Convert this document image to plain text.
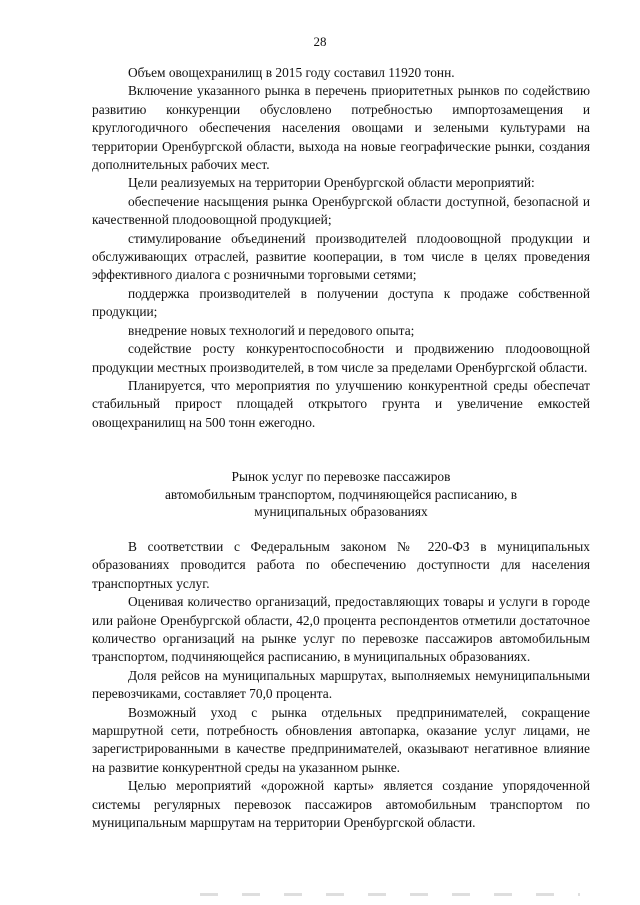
28

Объем овощехранилищ в 2015 году составил 11920 тонн.

Включение указанного рынка в перечень приоритетных рынков по содействию развитию конкуренции обусловлено потребностью импортозамещения и круглогодичного обеспечения населения овощами и зелеными культурами на территории Оренбургской области, выхода на новые географические рынки, создания дополнительных рабочих мест.

Цели реализуемых на территории Оренбургской области мероприятий:

обеспечение насыщения рынка Оренбургской области доступной, безопасной и качественной плодоовощной продукцией;

стимулирование объединений производителей плодоовощной продукции и обслуживающих отраслей, развитие кооперации, в том числе в целях проведения эффективного диалога с розничными торговыми сетями;

поддержка производителей в получении доступа к продаже собственной продукции;

внедрение новых технологий и передового опыта;

содействие росту конкурентоспособности и продвижению плодоовощной продукции местных производителей, в том числе за пределами Оренбургской области.

Планируется, что мероприятия по улучшению конкурентной среды обеспечат стабильный прирост площадей открытого грунта и увеличение емкостей овощехранилищ на 500 тонн ежегодно.

Рынок услуг по перевозке пассажиров
автомобильным транспортом, подчиняющейся расписанию, в
муниципальных образованиях

В соответствии с Федеральным законом № 220-ФЗ в муниципальных образованиях проводится работа по обеспечению доступности для населения транспортных услуг.

Оценивая количество организаций, предоставляющих товары и услуги в городе или районе Оренбургской области, 42,0 процента респондентов отметили достаточное количество организаций на рынке услуг по перевозке пассажиров автомобильным транспортом, подчиняющейся расписанию, в муниципальных образованиях.

Доля рейсов на муниципальных маршрутах, выполняемых немуниципальными перевозчиками, составляет 70,0 процента.

Возможный уход с рынка отдельных предпринимателей, сокращение маршрутной сети, потребность обновления автопарка, оказание услуг лицами, не зарегистрированными в качестве предпринимателей, оказывают негативное влияние на развитие конкурентной среды на указанном рынке.

Целью мероприятий «дорожной карты» является создание упорядоченной системы регулярных перевозок пассажиров автомобильным транспортом по муниципальным маршрутам на территории Оренбургской области.
